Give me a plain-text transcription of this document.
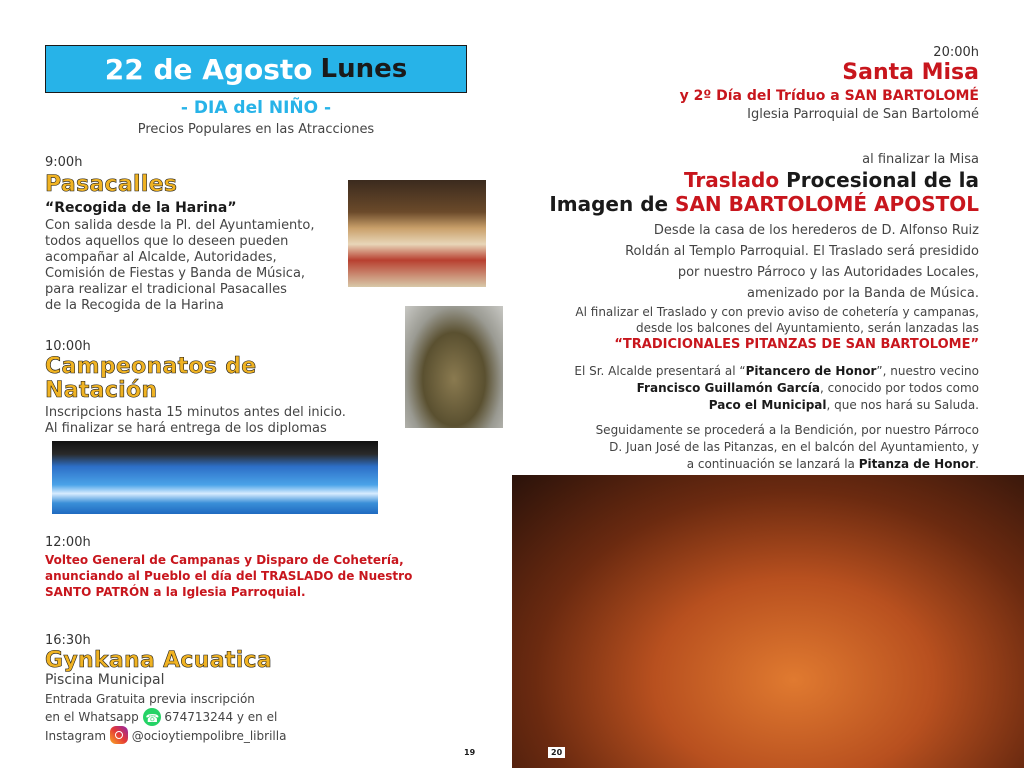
22 de Agosto Lunes
- DIA del NIÑO -
Precios Populares en las Atracciones
9:00h
Pasacalles
“Recogida de la Harina”
Con salida desde la Pl. del Ayuntamiento,
todos aquellos que lo deseen pueden
acompañar al Alcalde, Autoridades,
Comisión de Fiestas y Banda de Música,
para realizar el tradicional Pasacalles
de la Recogida de la Harina
10:00h
Campeonatos de
Natación
Inscripcions hasta 15 minutos antes del inicio.
Al finalizar se hará entrega de los diplomas
12:00h
Volteo General de Campanas y Disparo de Cohetería,
anunciando al Pueblo el día del TRASLADO de Nuestro
SANTO PATRÓN a la Iglesia Parroquial.
16:30h
Gynkana Acuatica
Piscina Municipal
Entrada Gratuita previa inscripción
en el Whatsapp ☎ 674713244 y en el
Instagram @ocioytiempolibre_librilla
19
20:00h
Santa Misa
y 2º Día del Tríduo a SAN BARTOLOMÉ
Iglesia Parroquial de San Bartolomé
al finalizar la Misa
Traslado Procesional de la
Imagen de SAN BARTOLOMÉ APOSTOL
Desde la casa de los herederos de D. Alfonso Ruiz
Roldán al Templo Parroquial. El Traslado será presidido
por nuestro Párroco y las Autoridades Locales,
amenizado por la Banda de Música.
Al finalizar el Traslado y con previo aviso de cohetería y campanas,
desde los balcones del Ayuntamiento, serán lanzadas las
“TRADICIONALES PITANZAS DE SAN BARTOLOME”
El Sr. Alcalde presentará al “Pitancero de Honor”, nuestro vecino
Francisco Guillamón García, conocido por todos como
Paco el Municipal, que nos hará su Saluda.
Seguidamente se procederá a la Bendición, por nuestro Párroco
D. Juan José de las Pitanzas, en el balcón del Ayuntamiento, y
a continuación se lanzará la Pitanza de Honor.
20
